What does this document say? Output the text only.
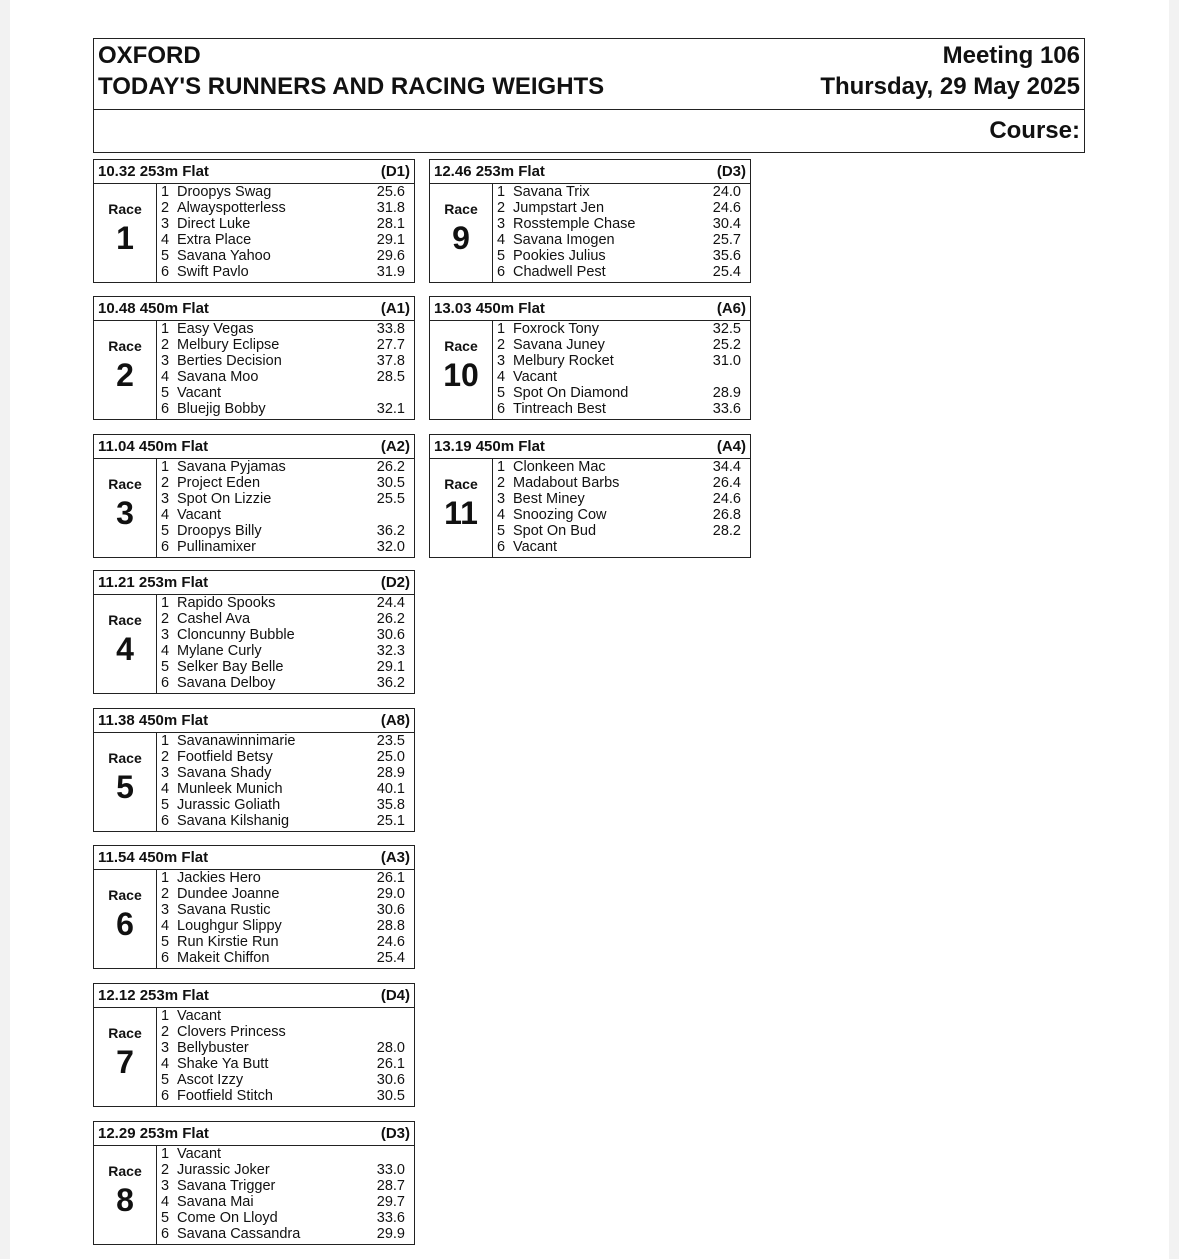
OXFORD
TODAY'S RUNNERS AND RACING WEIGHTS
Meeting 106
Thursday, 29 May 2025
Course:
10.32 253m Flat	(D1)
Race
1
1 Droopys Swag	25.6
2 Alwayspotterless	31.8
3 Direct Luke	28.1
4 Extra Place	29.1
5 Savana Yahoo	29.6
6 Swift Pavlo	31.9
10.48 450m Flat	(A1)
Race
2
1 Easy Vegas	33.8
2 Melbury Eclipse	27.7
3 Berties Decision	37.8
4 Savana Moo	28.5
5 Vacant
6 Bluejig Bobby	32.1
11.04 450m Flat	(A2)
Race
3
1 Savana Pyjamas	26.2
2 Project Eden	30.5
3 Spot On Lizzie	25.5
4 Vacant
5 Droopys Billy	36.2
6 Pullinamixer	32.0
11.21 253m Flat	(D2)
Race
4
1 Rapido Spooks	24.4
2 Cashel Ava	26.2
3 Cloncunny Bubble	30.6
4 Mylane Curly	32.3
5 Selker Bay Belle	29.1
6 Savana Delboy	36.2
11.38 450m Flat	(A8)
Race
5
1 Savanawinnimarie	23.5
2 Footfield Betsy	25.0
3 Savana Shady	28.9
4 Munleek Munich	40.1
5 Jurassic Goliath	35.8
6 Savana Kilshanig	25.1
11.54 450m Flat	(A3)
Race
6
1 Jackies Hero	26.1
2 Dundee Joanne	29.0
3 Savana Rustic	30.6
4 Loughgur Slippy	28.8
5 Run Kirstie Run	24.6
6 Makeit Chiffon	25.4
12.12 253m Flat	(D4)
Race
7
1 Vacant
2 Clovers Princess
3 Bellybuster	28.0
4 Shake Ya Butt	26.1
5 Ascot Izzy	30.6
6 Footfield Stitch	30.5
12.29 253m Flat	(D3)
Race
8
1 Vacant
2 Jurassic Joker	33.0
3 Savana Trigger	28.7
4 Savana Mai	29.7
5 Come On Lloyd	33.6
6 Savana Cassandra	29.9
12.46 253m Flat	(D3)
Race
9
1 Savana Trix	24.0
2 Jumpstart Jen	24.6
3 Rosstemple Chase	30.4
4 Savana Imogen	25.7
5 Pookies Julius	35.6
6 Chadwell Pest	25.4
13.03 450m Flat	(A6)
Race
10
1 Foxrock Tony	32.5
2 Savana Juney	25.2
3 Melbury Rocket	31.0
4 Vacant
5 Spot On Diamond	28.9
6 Tintreach Best	33.6
13.19 450m Flat	(A4)
Race
11
1 Clonkeen Mac	34.4
2 Madabout Barbs	26.4
3 Best Miney	24.6
4 Snoozing Cow	26.8
5 Spot On Bud	28.2
6 Vacant
